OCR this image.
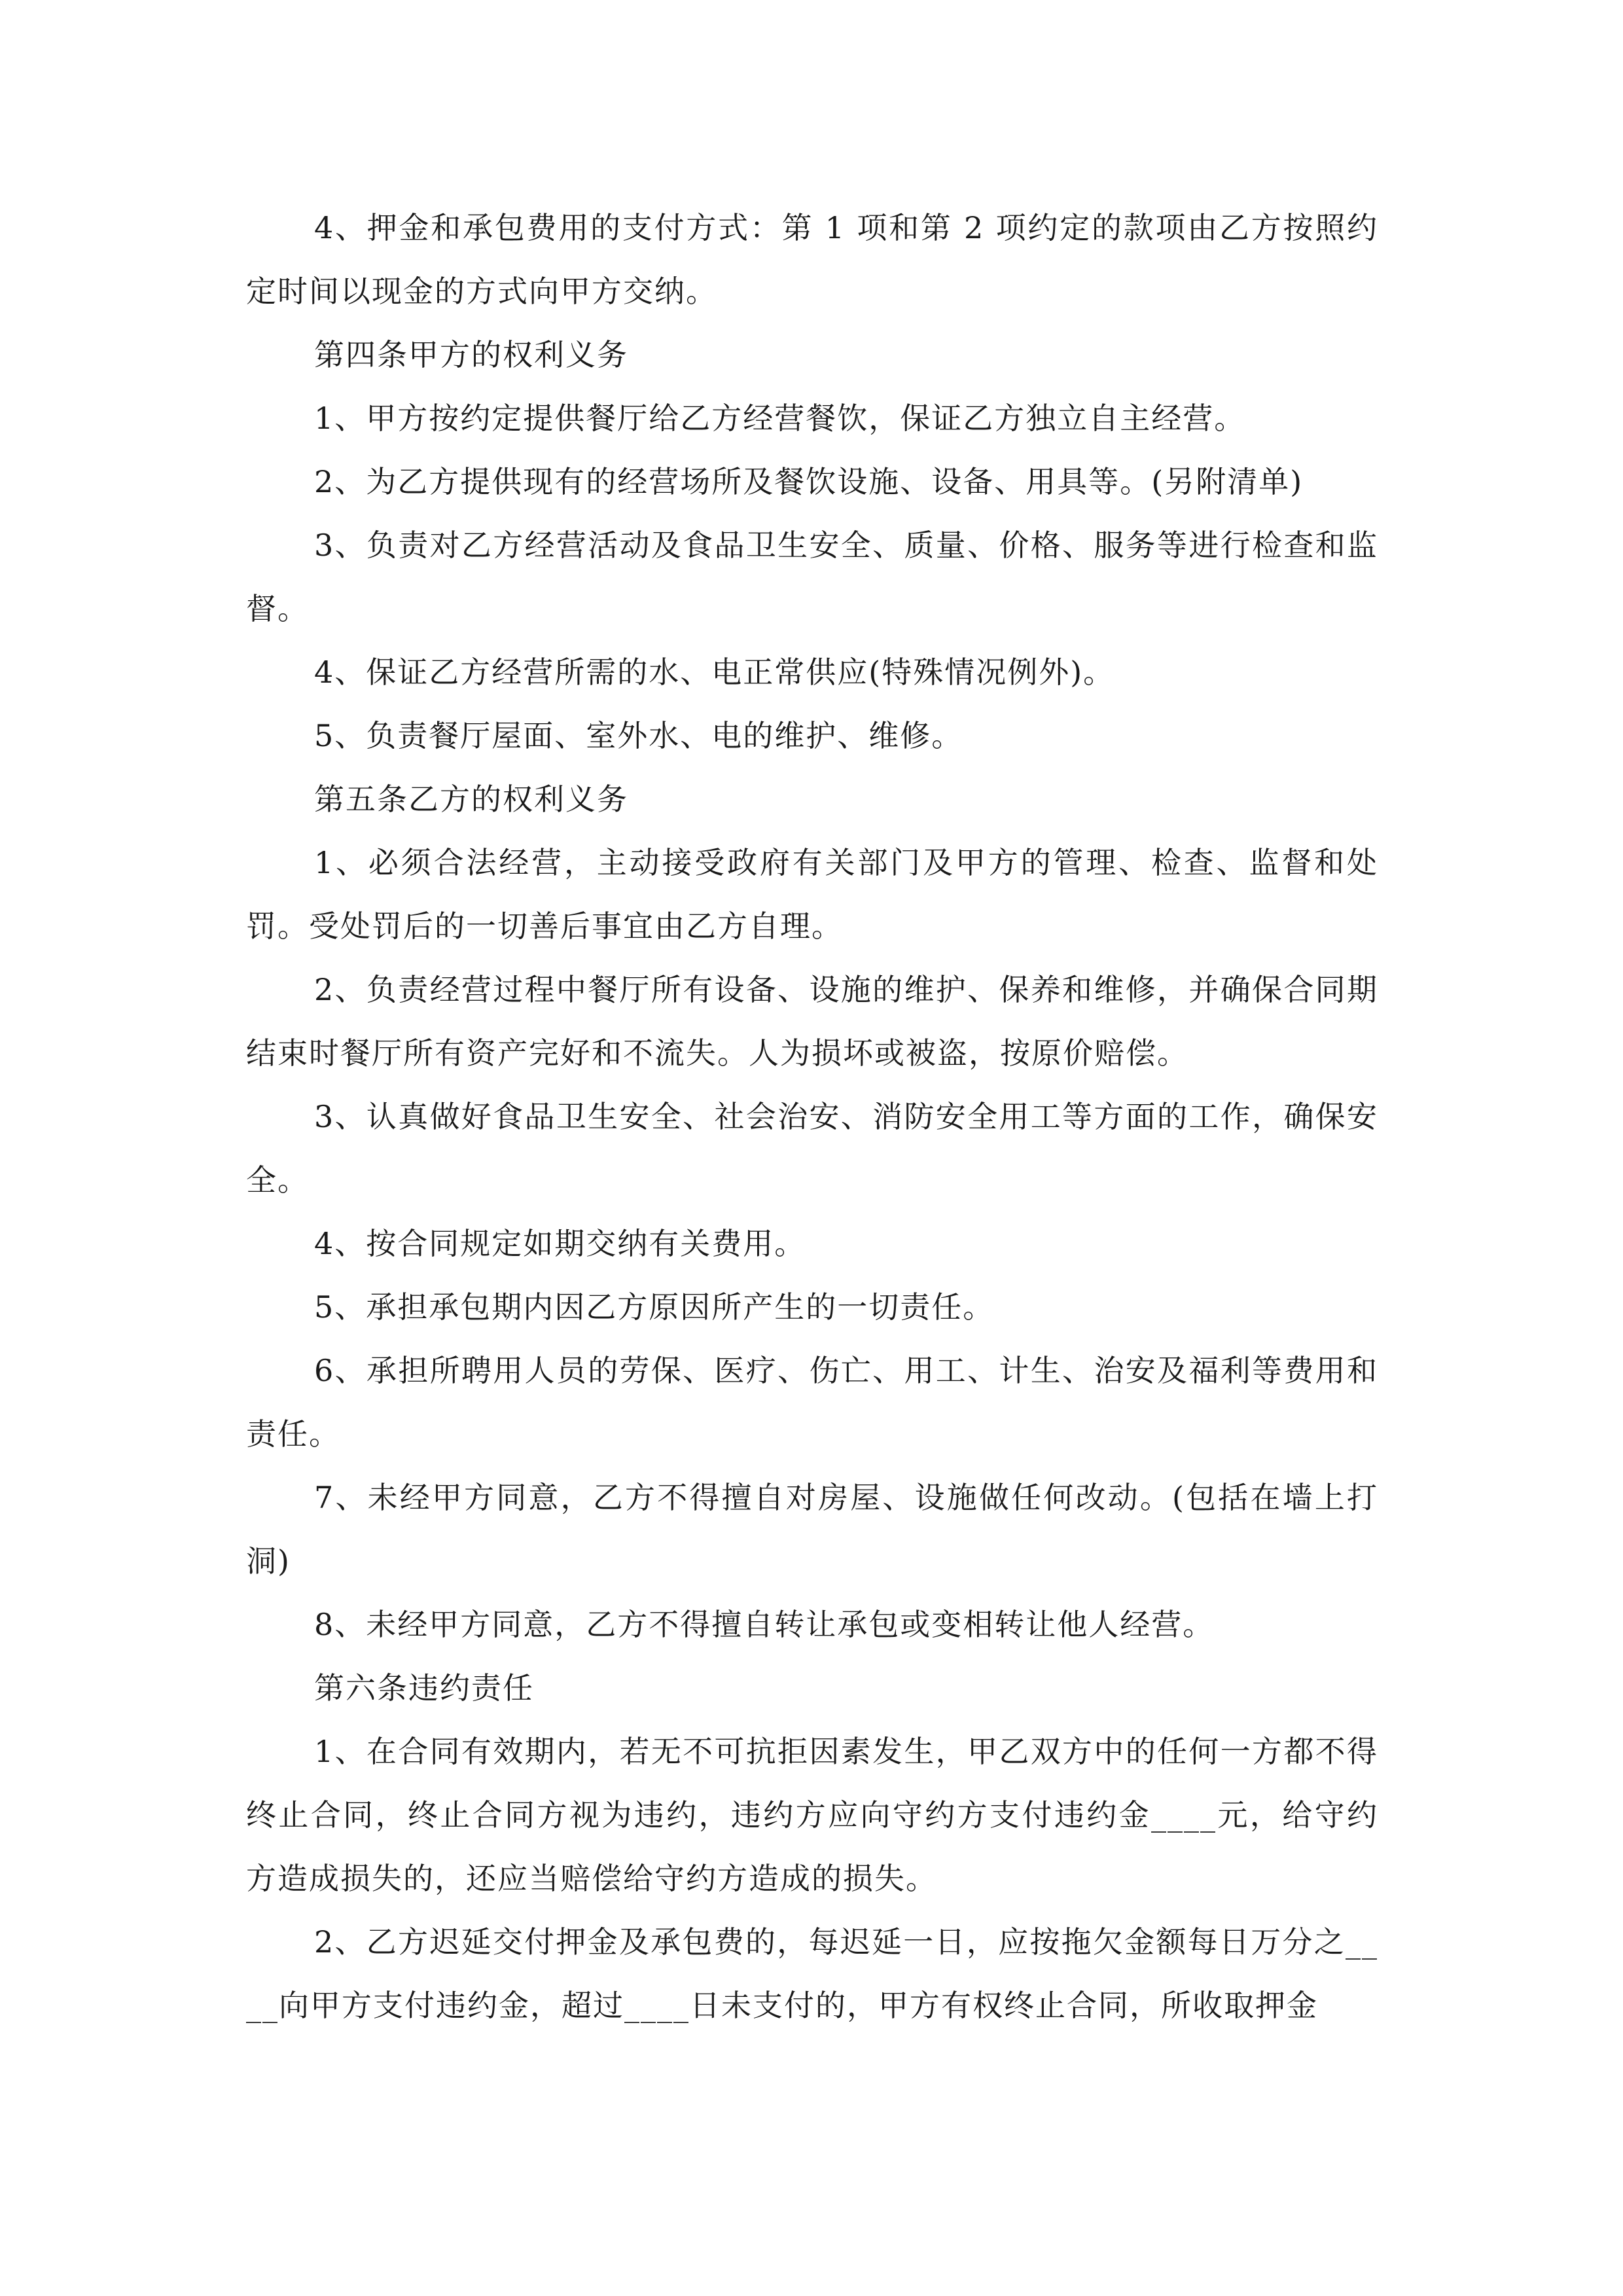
4、押金和承包费用的支付方式：第 1 项和第 2 项约定的款项由乙方按照约定时间以现金的方式向甲方交纳。

第四条甲方的权利义务

1、甲方按约定提供餐厅给乙方经营餐饮，保证乙方独立自主经营。

2、为乙方提供现有的经营场所及餐饮设施、设备、用具等。(另附清单)

3、负责对乙方经营活动及食品卫生安全、质量、价格、服务等进行检查和监督。

4、保证乙方经营所需的水、电正常供应(特殊情况例外)。

5、负责餐厅屋面、室外水、电的维护、维修。

第五条乙方的权利义务

1、必须合法经营，主动接受政府有关部门及甲方的管理、检查、监督和处罚。受处罚后的一切善后事宜由乙方自理。

2、负责经营过程中餐厅所有设备、设施的维护、保养和维修，并确保合同期结束时餐厅所有资产完好和不流失。人为损坏或被盗，按原价赔偿。

3、认真做好食品卫生安全、社会治安、消防安全用工等方面的工作，确保安全。

4、按合同规定如期交纳有关费用。

5、承担承包期内因乙方原因所产生的一切责任。

6、承担所聘用人员的劳保、医疗、伤亡、用工、计生、治安及福利等费用和责任。

7、未经甲方同意，乙方不得擅自对房屋、设施做任何改动。(包括在墙上打洞)

8、未经甲方同意，乙方不得擅自转让承包或变相转让他人经营。

第六条违约责任

1、在合同有效期内，若无不可抗拒因素发生，甲乙双方中的任何一方都不得终止合同，终止合同方视为违约，违约方应向守约方支付违约金____元，给守约方造成损失的，还应当赔偿给守约方造成的损失。

2、乙方迟延交付押金及承包费的，每迟延一日，应按拖欠金额每日万分之____向甲方支付违约金，超过____日未支付的，甲方有权终止合同，所收取押金
